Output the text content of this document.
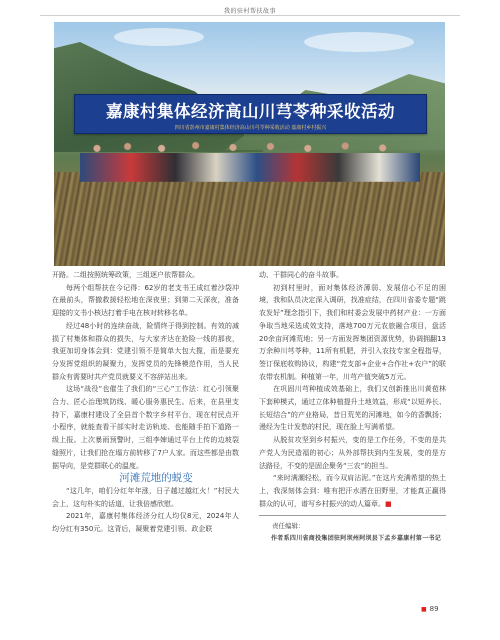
我的驻村帮扶故事
嘉康村集体经济高山川芎苓种采收活动
四川省彭州市嘉康村集体经济高山川芎苓种采收活动 嘉康村乡村振兴

开路。二组按照统筹政策，三组逐户依帮群众。

每两个组帮扶在今记得：62岁的老支书王成红着沙袋冲在最前头，帮撤救援轻松地在深夜里；到第二天深夜，准备迎接的文书小核达打着手电在核对转移名单。

经过48小时的连续奋战，险情终于得到控制。有效的减损了村集体和群众的损失，与大家齐达在抢险一线的那夜，我更加切身体会到：党建引领不是简单大包大揽，而是要充分发挥党组织的凝聚力，发挥党员的先锋模范作用，当人民群众有需要时共产党员就要义不容辞站出来。

这场“战役”也催生了我们的“三心”工作法：红心引领聚合力、匠心治理筑防线、暖心服务惠民生。后来，在县里支持下，嘉康村建设了全县首个数字乡村平台，现在村民点开小程序，就能查看干部实时走访轨迹、也能随手拍下道路一级上报。上次暴雨预警时，三组李婶通过平台上传的边坡裂缝照片，让我们抢在塌方前转移了7户人家。而这些都是由数据导向，是党群联心的温度。

河滩荒地的蜕变

“这几年，咱们分红年年涨，日子越过越红火！”村民大会上，这句朴实的话道，让我倍感欣慰。

2021年，嘉康村集体经济分红人均仅8元，2024年人均分红有350元。这背后，凝聚着党建引领、政企联

动、干群同心的奋斗故事。

初到村里时，面对集体经济薄弱、发展信心不足的困境，我和队员决定深入调研，找准症结，在四川省委专题“跳农发好”理念指引下，我们和村委会发展中药材产业：一方面争取当地采选成效支持，落地700万元农旅融合项目，盘活20余亩河滩荒地；另一方面发挥集团资源优势，协调拥翻13万余种川芎苓种，11所有机肥，并引入农技专家全程指导，签订保底收购协议，构建“党支部+企业+合作社+农户”的联农带农机制。种植第一年，川芎产值突破5万元。

在巩固川芎种植成效基础上，我们又创新推出川黄苞林下套种模式，通过立体种植提升土地效益，形成“以短养长、长短结合”的产业格局，昔日荒芜的河滩地，如今的香飘扬；漫经为生计发愁的村民，现在脸上写满希望。

从脱贫攻坚到乡村振兴，变的是工作任务，不变的是共产党人为民造福的初心；从外部帮扶到内生发展，变的是方法路径，不变的是固企聚务“三农”的担当。

“来时满潮轻松，而今双肩沾泥。”在这片充满希望的热土上，我深刻体会到：唯有把汗水洒在田野里，才能真正赢得群众的认可，谱写乡村振兴的动人篇章。■

责任编辑：

作者系四川省商投集团驻阿坝州阿坝县下孟乡嘉康村第一书记

■ 89
